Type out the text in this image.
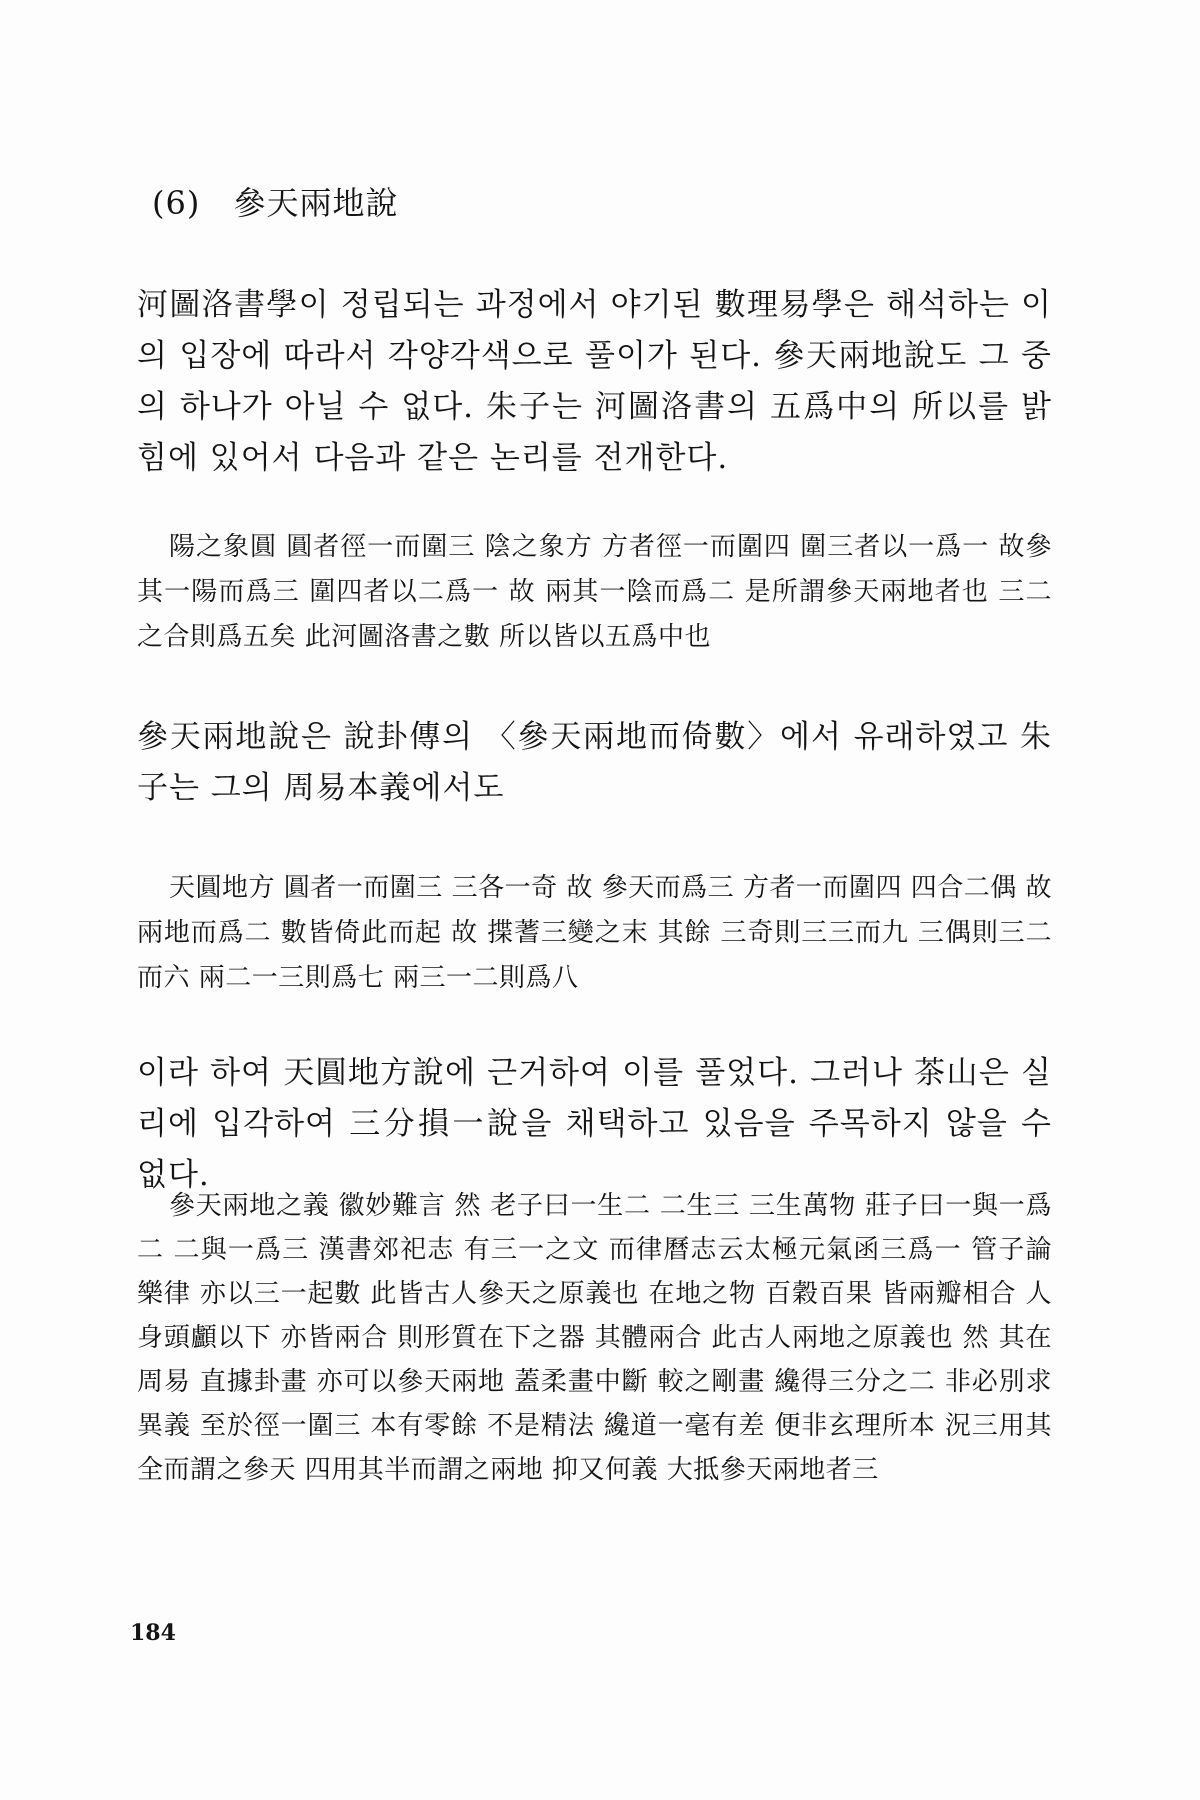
(6) 參天兩地說

河圖洛書學이 정립되는 과정에서 야기된 數理易學은 해석하는 이의 입장에 따라서 각양각색으로 풀이가 된다. 參天兩地說도 그 중의 하나가 아닐 수 없다. 朱子는 河圖洛書의 五爲中의 所以를 밝힘에 있어서 다음과 같은 논리를 전개한다.

陽之象圓 圓者徑一而圍三 陰之象方 方者徑一而圍四 圍三者以一爲一 故參其一陽而爲三 圍四者以二爲一 故 兩其一陰而爲二 是所謂參天兩地者也 三二之合則爲五矣 此河圖洛書之數 所以皆以五爲中也

參天兩地說은 說卦傳의 〈參天兩地而倚數〉에서 유래하였고 朱子는 그의 周易本義에서도

天圓地方 圓者一而圍三 三各一奇 故 參天而爲三 方者一而圍四 四合二偶 故 兩地而爲二 數皆倚此而起 故 揲蓍三變之末 其餘 三奇則三三而九 三偶則三二而六 兩二一三則爲七 兩三一二則爲八

이라 하여 天圓地方說에 근거하여 이를 풀었다. 그러나 茶山은 실리에 입각하여 三分損一說을 채택하고 있음을 주목하지 않을 수 없다.

參天兩地之義 徽妙難言 然 老子曰一生二 二生三 三生萬物 莊子曰一與一爲二 二與一爲三 漢書郊祀志 有三一之文 而律曆志云太極元氣函三爲一 管子論樂律 亦以三一起數 此皆古人參天之原義也 在地之物 百穀百果 皆兩瓣相合 人身頭顱以下 亦皆兩合 則形質在下之器 其體兩合 此古人兩地之原義也 然 其在周易 直據卦畫 亦可以參天兩地 蓋柔畫中斷 較之剛畫 纔得三分之二 非必別求異義 至於徑一圍三 本有零餘 不是精法 纔道一毫有差 便非玄理所本 況三用其全而謂之參天 四用其半而謂之兩地 抑又何義 大抵參天兩地者三

184
